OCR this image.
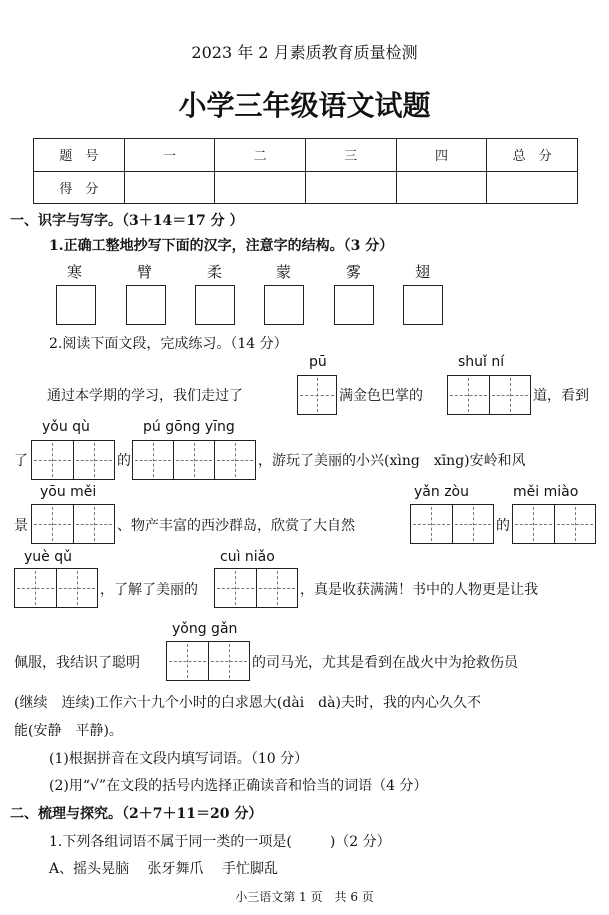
2023 年 2 月素质教育质量检测
小学三年级语文试题
题　号	一	二	三	四	总　分
得　分					
一、识字与写字。（3＋14＝17 分 ）
1.正确工整地抄写下面的汉字，注意字的结构。（3 分）
寒	臂	柔	蒙	雾	翅
2.阅读下面文段，完成练习。（14 分）
pū	shuǐ ní
通过本学期的学习，我们走过了	满金色巴掌的	道，看到
yǒu qù	pú gōng yīng
了	的	，游玩了美丽的小兴(xìng　xīng)安岭和风
yōu měi	yǎn zòu	měi miào
景	、物产丰富的西沙群岛，欣赏了大自然	的
yuè qǔ	cuì niǎo
，了解了美丽的	，真是收获满满！书中的人物更是让我
yǒng gǎn
佩服，我结识了聪明	的司马光，尤其是看到在战火中为抢救伤员
(继续　连续)工作六十九个小时的白求恩大(dài　dà)夫时，我的内心久久不
能(安静　平静)。
(1)根据拼音在文段内填写词语。（10 分）
(2)用“√”在文段的括号内选择正确读音和恰当的词语（4 分）
二、梳理与探究。（2＋7＋11＝20 分）
1.下列各组词语不属于同一类的一项是(	)（2 分）
A、摇头晃脑　 张牙舞爪　 手忙脚乱
小三语文第 1 页　共 6 页
